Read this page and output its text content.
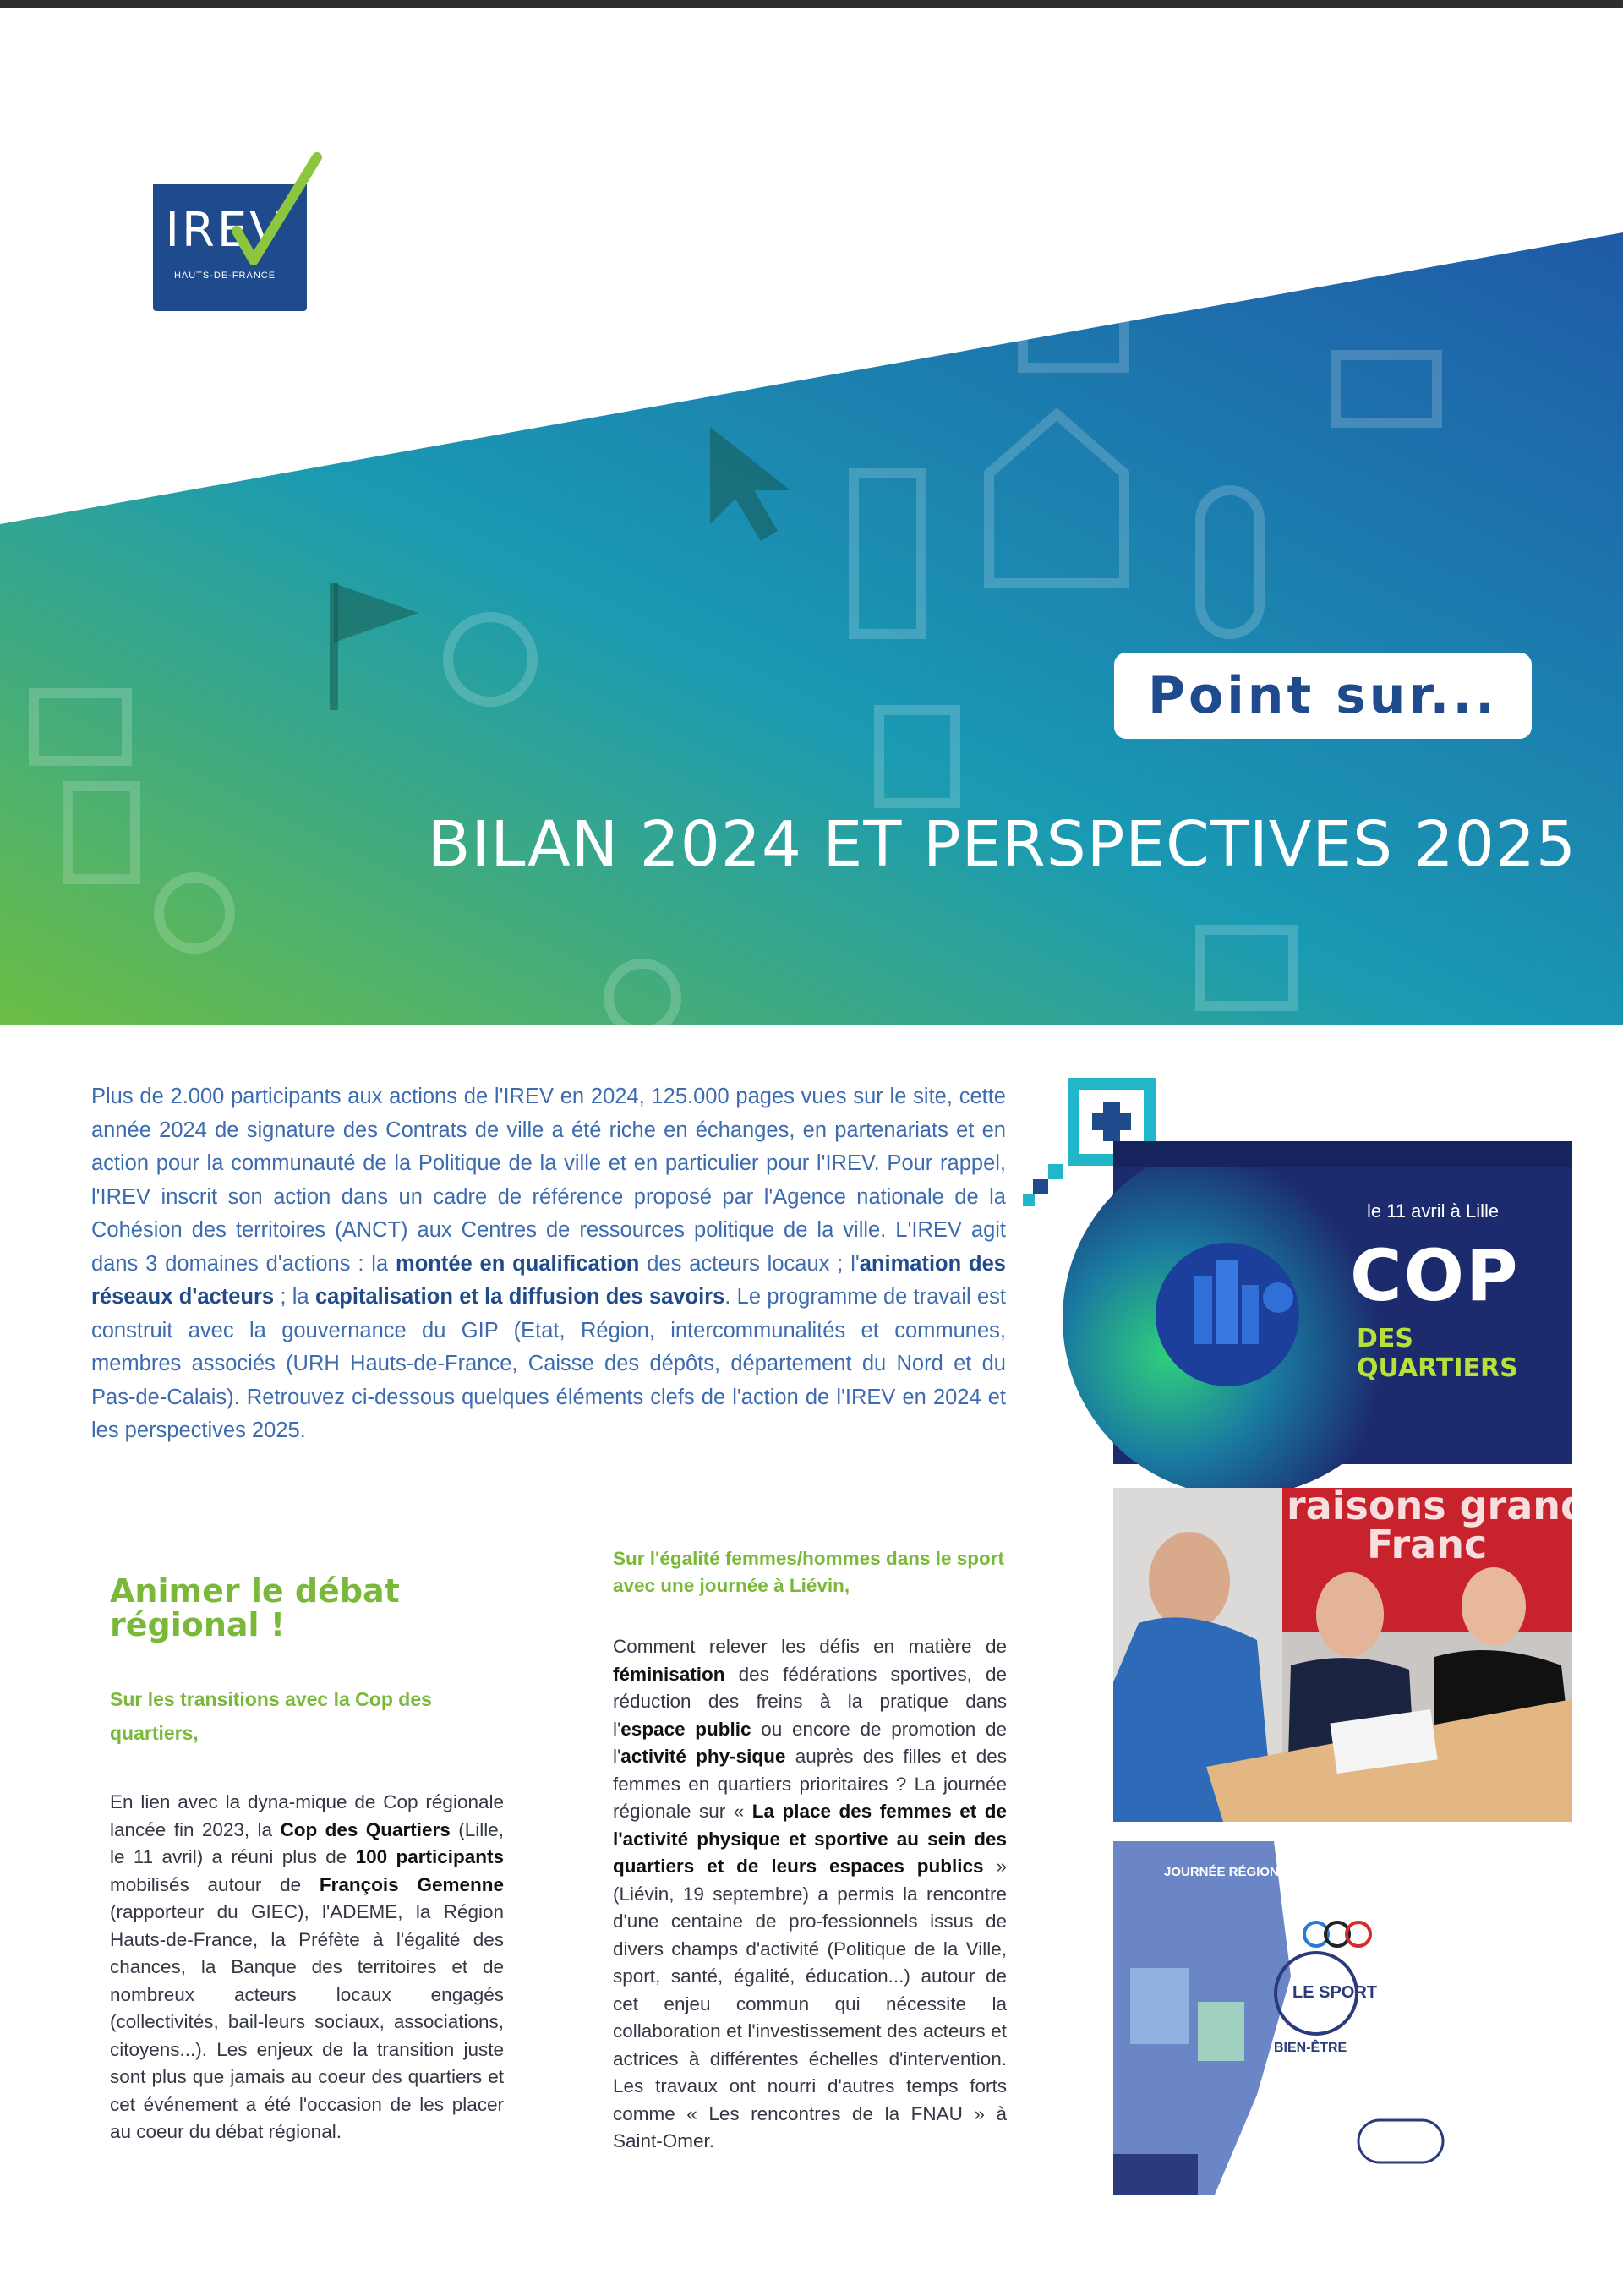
IREV
HAUTS-DE-FRANCE
Point sur...
BILAN 2024 ET PERSPECTIVES 2025
Plus de 2.000 participants aux actions de l'IREV en 2024, 125.000 pages vues sur le site, cette année 2024 de signature des Contrats de ville a été riche en échanges, en partenariats et en action pour la communauté de la Politique de la ville et en particulier pour l'IREV. Pour rappel, l'IREV inscrit son action dans un cadre de référence proposé par l'Agence nationale de la Cohésion des territoires (ANCT) aux Centres de ressources politique de la ville. L'IREV agit dans 3 domaines d'actions : la montée en qualification des acteurs locaux ; l'animation des réseaux d'acteurs ; la capitalisation et la diffusion des savoirs. Le programme de travail est construit avec la gouvernance du GIP (Etat, Région, intercommunalités et communes, membres associés (URH Hauts-de-France, Caisse des dépôts, département du Nord et du Pas-de-Calais). Retrouvez ci-dessous quelques éléments clefs de l'action de l'IREV en 2024 et les perspectives 2025.
Animer le débat régional !
Sur les transitions avec la Cop des quartiers,
En lien avec la dyna-mique de Cop régionale lancée fin 2023, la Cop des Quartiers (Lille, le 11 avril) a réuni plus de 100 participants mobilisés autour de François Gemenne (rapporteur du GIEC), l'ADEME, la Région Hauts-de-France, la Préfète à l'égalité des chances, la Banque des territoires et de nombreux acteurs locaux engagés (collectivités, bail-leurs sociaux, associations, citoyens...). Les enjeux de la transition juste sont plus que jamais au coeur des quartiers et cet événement a été l'occasion de les placer au coeur du débat régional.
Sur l'égalité femmes/hommes dans le sport avec une journée à Liévin,
Comment relever les défis en matière de féminisation des fédérations sportives, de réduction des freins à la pratique dans l'espace public ou encore de promotion de l'activité phy-sique auprès des filles et des femmes en quartiers prioritaires ? La journée régionale sur « La place des femmes et de l'activité physique et sportive au sein des quartiers et de leurs espaces publics » (Liévin, 19 septembre) a permis la rencontre d'une centaine de pro-fessionnels issus de divers champs d'activité (Politique de la Ville, sport, santé, égalité, éducation...) autour de cet enjeu commun qui nécessite la collaboration et l'investissement des acteurs et actrices à différentes échelles d'intervention. Les travaux ont nourri d'autres temps forts comme « Les rencontres de la FNAU » à Saint-Omer.
le 11 avril à Lille
COP
DES QUARTIERS
raisons grandir
Franc
JOURNÉE RÉGIONALE
LE SPORT
BIEN-ÊTRE
